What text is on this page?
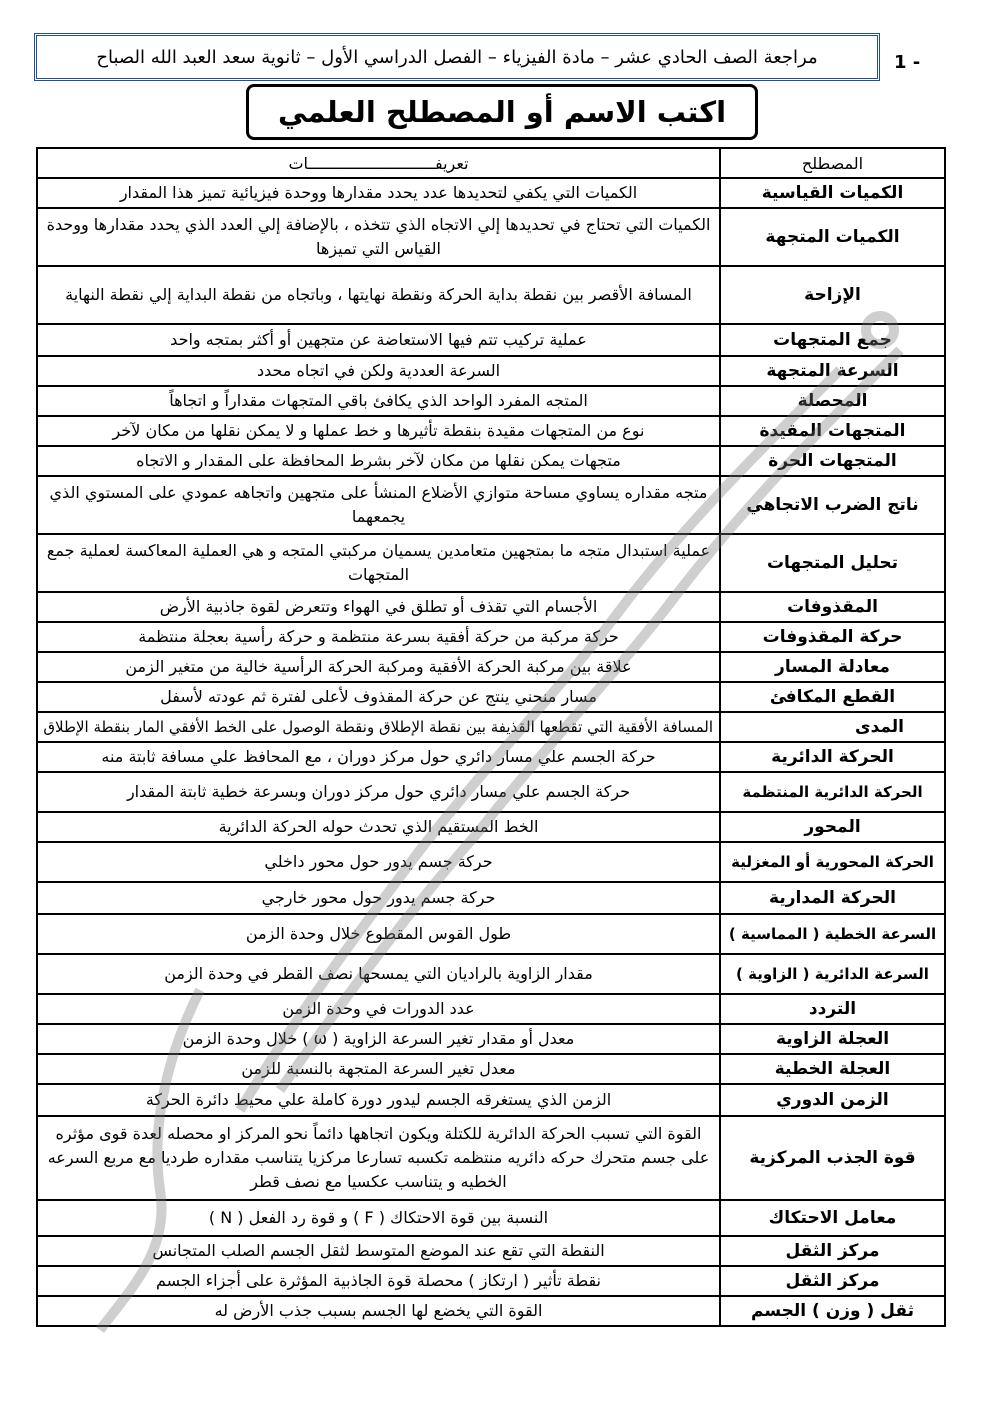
1 -
مراجعة الصف الحادي عشر – مادة الفيزياء – الفصل الدراسي الأول – ثانوية سعد العبد الله الصباح
اكتب الاسم أو المصطلح العلمي
المصطلح	تعريفـــــــــــــــــــــــــــات
الكميات القياسية	الكميات التي يكفي لتحديدها عدد يحدد مقدارها ووحدة فيزيائية تميز هذا المقدار
الكميات المتجهة	الكميات التي تحتاج في تحديدها إلي الاتجاه الذي تتخذه ، بالإضافة إلي العدد الذي يحدد مقدارها ووحدة القياس التي تميزها
الإزاحة	المسافة الأقصر بين نقطة بداية الحركة ونقطة نهايتها ، وباتجاه من نقطة البداية إلي نقطة النهاية
جمع المتجهات	عملية تركيب تتم فيها الاستعاضة عن متجهين أو أكثر بمتجه واحد
السرعة المتجهة	السرعة العددية ولكن في اتجاه محدد
المحصلة	المتجه المفرد الواحد الذي يكافئ باقي المتجهات مقداراً و اتجاهاً
المتجهات المقيدة	نوع من المتجهات مقيدة بنقطة تأثيرها و خط عملها و لا يمكن نقلها من مكان لآخر
المتجهات الحرة	متجهات يمكن نقلها من مكان لآخر بشرط المحافظة على المقدار و الاتجاه
ناتج الضرب الاتجاهي	متجه مقداره يساوي مساحة متوازي الأضلاع المنشأ على متجهين واتجاهه عمودي على المستوي الذي يجمعهما
تحليل المتجهات	عملية استبدال متجه ما بمتجهين متعامدين يسميان مركبتي المتجه و هي العملية المعاكسة لعملية جمع المتجهات
المقذوفات	الأجسام التي تقذف أو تطلق في الهواء وتتعرض لقوة جاذبية الأرض
حركة المقذوفات	حركة مركبة من حركة أفقية بسرعة منتظمة و حركة رأسية بعجلة منتظمة
معادلة المسار	علاقة بين مركبة الحركة الأفقية ومركبة الحركة الرأسية خالية من متغير الزمن
القطع المكافئ	مسار منحني ينتج عن حركة المقذوف لأعلى لفترة ثم عودته لأسفل
المدى	المسافة الأفقية التي تقطعها القذيفة بين نقطة الإطلاق ونقطة الوصول على الخط الأفقي المار بنقطة الإطلاق
الحركة الدائرية	حركة الجسم علي مسار دائري حول مركز دوران ، مع المحافظ علي مسافة ثابتة منه
الحركة الدائرية المنتظمة	حركة الجسم علي مسار دائري حول مركز دوران وبسرعة خطية ثابتة المقدار
المحور	الخط المستقيم الذي تحدث حوله الحركة الدائرية
الحركة المحورية أو المغزلية	حركة جسم يدور حول محور داخلي
الحركة المدارية	حركة جسم يدور حول محور خارجي
السرعة الخطية ( المماسية )	طول القوس المقطوع خلال وحدة الزمن
السرعة الدائرية ( الزاوية )	مقدار الزاوية بالراديان التي يمسحها نصف القطر في وحدة الزمن
التردد	عدد الدورات في وحدة الزمن
العجلة الزاوية	معدل أو مقدار تغير السرعة الزاوية ( ω ) خلال وحدة الزمن
العجلة الخطية	معدل تغير السرعة المتجهة بالنسبة للزمن
الزمن الدوري	الزمن الذي يستغرقه الجسم ليدور دورة كاملة علي محيط دائرة الحركة
قوة الجذب المركزية	القوة التي تسبب الحركة الدائرية للكتلة ويكون اتجاهها دائماً نحو المركز او محصله لعدة قوى مؤثره على جسم متحرك حركه دائريه منتظمه تكسبه تسارعا مركزيا يتناسب مقداره طرديا مع مربع السرعه الخطيه و يتناسب عكسيا مع نصف قطر
معامل الاحتكاك	النسبة بين قوة الاحتكاك ( F ) و قوة رد الفعل ( N )
مركز الثقل	النقطة التي تقع عند الموضع المتوسط لثقل الجسم الصلب المتجانس
مركز الثقل	نقطة تأثير ( ارتكاز ) محصلة قوة الجاذبية المؤثرة على أجزاء الجسم
ثقل ( وزن ) الجسم	القوة التي يخضع لها الجسم بسبب جذب الأرض له
